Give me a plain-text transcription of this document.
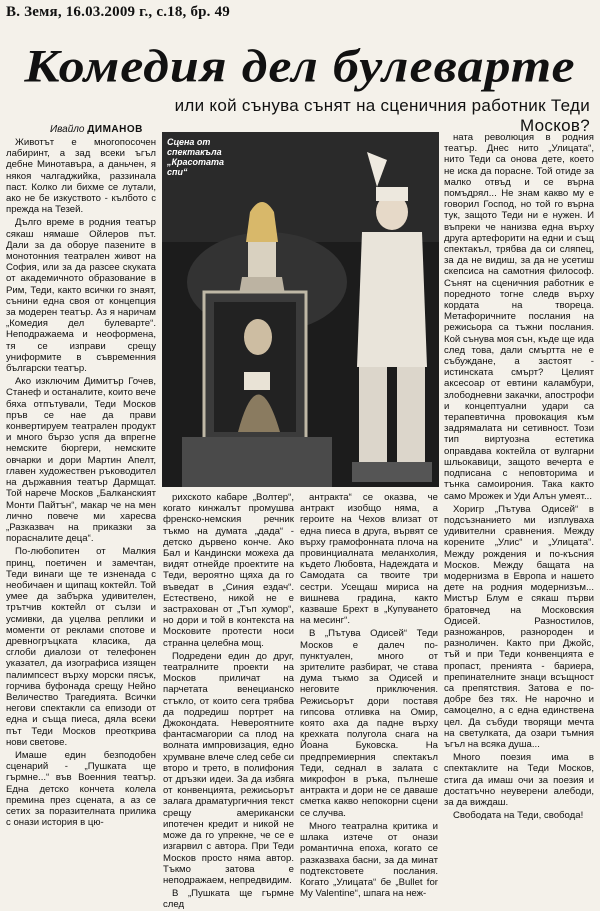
В. Земя, 16.03.2009 г., с.18, бр. 49
Комедия дел булеварте
или кой сънува сънят на сценичния работник Теди Москов?
Ивайло ДИМАНОВ
Сцена от спектакъла „Красотата спи“

Животът е многопосочен лабиринт, а зад всеки ъгъл дебне Минотавъра, а даньчен, я някоя чалгаджийка, раззинала паст. Колко ли бихме се лутали, ако не бе изкуството - кълбото с прежда на Тезей.

Дълго време в родния театър сякаш нямаше Ойлеров път. Дали за да оборуе пазените в монотонния театрален живот на София, или за да разсее скуката от академичното образование в Рим, Теди, както всички го знаят, сънини една своя от концепция за модерен театър. Аз я наричам „Комедия дел булеварте“. Неподражаема и неоформена, тя се изправи срещу униформите в съвременния български театър.

Ако изключим Димитър Гочев, Станеф и останалите, които вече бяха отпътували, Теди Москов пръв се нае да прави конвертируем театрален продукт и много бързо успя да впрегне немските бюргери, немските овчарки и дори Мартин Апелт, главен художествен ръководител на държавния театър Дармщат. Той нарече Москов „Балканският Монти Пайтън“, макар че на мен лично повече ми харесва „Разказвач на приказки за порасналите деца“.

По-любопитен от Малкия принц, поетичен и замечтан, Теди винаги ще те изненада с необичаен и щипащ коктейл. Той умее да забърка удивителен, трътчив коктейл от сълзи и усмивки, да уцелва реплики и моменти от реклами спотове и древногръцката класика, да сглоби диалози от телефонен указател, да изографиса изящен палимпсест върху морски пясък, горчива буфонада срещу Нейно Величество Трагедията. Всички негови спектакли са епизоди от една и съща пиеса, дяла всеки път Теди Москов преоткрива нови светове.

Имаше един безподобен сценарий - „Пушката ще гърмне...“ във Военния театър. Една детско кончета колела премина през сцената, а аз се сетих за поразителната прилика с онази история в цю-

рихското кабаре „Волтер“, когато кинжалът промушва френско-немския речник тъкмо на думата „дада“ - детско дървено конче. Ако Бал и Кандински можеха да видят отнейде проектите на Теди, вероятно щяха да го въведат в „Синия ездач“. Естествено, никой не е застрахован от „Тъп хумор“, но дори и той в контекста на Московите протести носи странна целебна мощ.

Подредени един до друг, театралните проекти на Москов приличат на парчетата венецианско стъкло, от които сега трябва да подредиш портрет на Джокондата. Невероятните фантасмагории са плод на волната импровизация, едно хрумване влече след себе си второ и трето, в полифония от дръзки идеи. За да избяга от конвенцията, режисьорът залага драматургичния текст срещу американски ипотечен кредит и никой не може да го упрекне, че се е изгарвил с автора. При Теди Москов просто няма автор. Тъкмо затова е неподражаем, непредвидим.

В „Пушката ще гърмне след

антракта“ се оказва, че антракт изобщо няма, а героите на Чехов влизат от една пиеса в друга, вървят се върху грамофонната плоча на провинциалната меланхолия, където Любовта, Надеждата и Самодата са твоите три сестри. Усещаш мириса на вишнева градина, както казваше Брехт в „Купуването на месинг“.

В „Пътува Одисей“ Теди Москов е далеч по-пунктуален, много от зрителите разбират, че става дума тъкмо за Одисей и неговите приключения. Режисьорът дори поставя гипсова отливка на Омир, която аха да падне върху крехката полугола снага на Йоана Буковска. На предпремиерния спектакъл Теди, седнал в залата с микрофон в ръка, пълнеше антракта и дори не се даваше сметка какво непокорни сцени се случва.

Много театрална критика и шлака изтече от онази романтична епоха, когато се разказваха басни, за да минат подтекстовете послания. Когато „Улицата“ бе „Bullet for My Valentine“, шпага на неж-

ната революция в родния театър. Днес нито „Улицата“, нито Теди са онова дете, което не иска да порасне. Той отиде за малко отвъд и се върна помъдрял... Не знам какво му е говорил Господ, но той го върна тук, защото Теди ни е нужен. И въпреки че нанизва една върху друга артефорити на едни и същ спектакъл, трябва да си сляпец, за да не видиш, за да не усетиш скепсиса на самотния философ. Сънят на сценичния работник е поредното тогне следв върху кордата на твореца. Метафоричните послания на режисьора са тъжни послания. Кой сънува моя сън, къде ще ида след това, дали смъртта не е събуждане, а застоят - истинската смърт? Целият аксесоар от евтини каламбури, злободневни закачки, апострофи и концептуални удари са терапевтична провокация към задрямалата ни сетивност. Този тип виртуозна естетика оправдава коктейла от вулгарни шльокавици, защото вечерта е подписана с неповторима и тънка самоирония. Така както само Мрожек и Уди Алън умеят...

Хоригр „Пътува Одисей“ в подсъзнанието ми изплуваха удивителни сравнения. Между корените „Улис“ и „Улицата“. Между рождения и по-късния Москов. Между бащата на модернизма в Европа и нашето дете на родния модернизъм... Мистър Блум е сякаш първи братовчед на Московския Одисей. Разностилов, разножанров, разнороден и разноличен. Както при Джойс, тъй и при Теди конвенцията е пропаст, пренията - бариера, препинателните знаци всъщност са препятствия. Затова е по-добре без тях. Не нарочно и самоцелно, а с една единствена цел. Да събуди творящи мечта на светулката, да озари тъмния ъгъл на всяка душа...

Много поезия има в спектаклите на Теди Москов, стига да имаш очи за поезия и достатъчно неуверени алебоди, за да виждаш.

Свободата на Теди, свобода!
